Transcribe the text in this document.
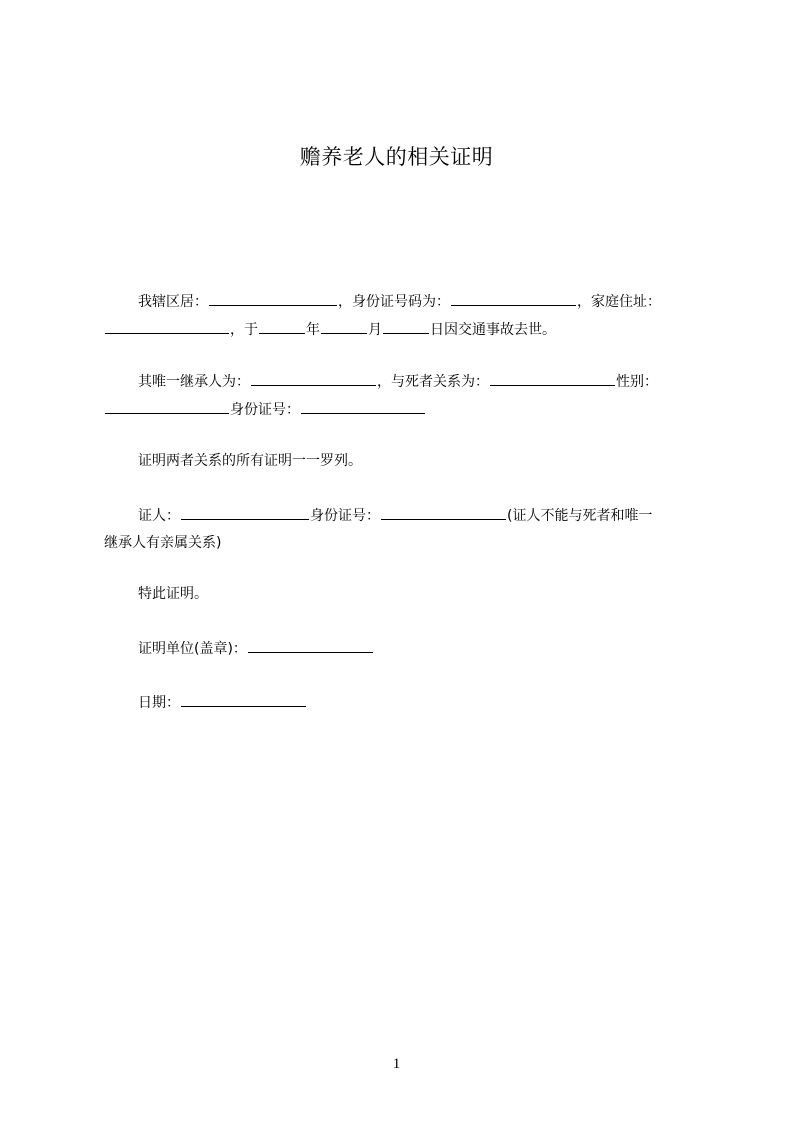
赡养老人的相关证明
我辖区居：	，身份证号码为：	，家庭住址：
，于	年	月	日因交通事故去世。
其唯一继承人为：	，与死者关系为：	性别：
身份证号：
证明两者关系的所有证明一一罗列。
证人：	身份证号：	(证人不能与死者和唯一
继承人有亲属关系)
特此证明。
证明单位(盖章)：
日期：
1
